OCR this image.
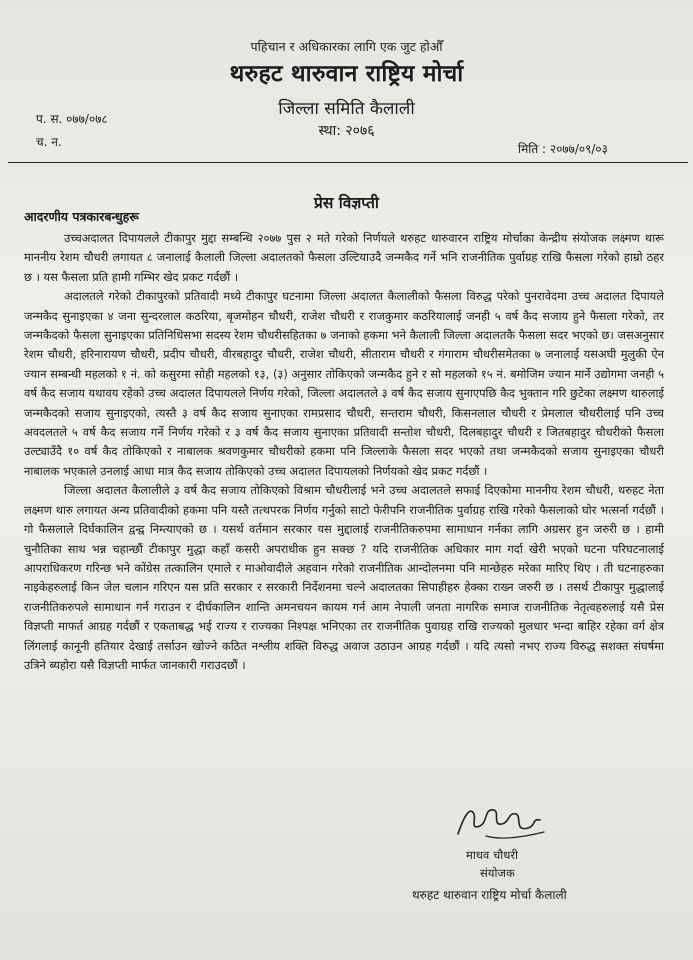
पहिचान र अधिकारका लागि एक जुट होऔँ
थरुहट थारुवान राष्ट्रिय मोर्चा
जिल्ला समिति कैलाली
स्था: २०७६
प. स. ०७७/०७८
च. न.	मिति : २०७७/०९/०३
प्रेस विज्ञप्ती
आदरणीय पत्रकारबन्धुहरू

उच्चअदालत दिपायलले टीकापुर मुद्दा सम्बन्धि २०७७ पुस २ मते गरेको निर्णयले थरुहट थारुवारन राष्ट्रिय मोर्चाका केन्द्रीय संयोजक लक्ष्मण थारू माननीय रेशम चौधरी लगायत ८ जनालाई कैलाली जिल्ला अदालतको फैसला उल्टियाउदै जन्मकैद गर्ने भनि राजनीतिक पुर्वाग्रह राखि फैसला गरेको हाम्रो ठहर छ । यस फैसला प्रति हामी गम्भिर खेद प्रकट गर्दछौं ।

अदालतले गरेको टीकापुरको प्रतिवादी मध्ये टीकापुर घटनामा जिल्ला अदालत कैलालीको फैसला विरुद्ध परेको पुनरावेदमा उच्च अदालत दिपायले जन्मकैद सुनाइएका ४ जना सुन्दरलाल कठरिया, बृजमोहन चौधरी, राजेश चौधरी र राजकुमार कठरियालाई जनही ५ वर्ष कैद सजाय हुने फैसला गरेको, तर जन्मकैदको फैसला सुनाइएका प्रतिनिधिसभा सदस्य रेशम चौधरीसहितका ७ जनाको हकमा भने कैलाली जिल्ला अदालतकै फैसला सदर भएको छ। जसअनुसार रेशम चौधरी, हरिनारायण चौधरी, प्रदीप चौधरी, वीरबहादुर चौधरी, राजेश चौधरी, सीताराम चौधरी र गंगाराम चौधरीसमेतका ७ जनालाई यसअघी मुलुकी ऐन ज्यान सम्बन्धी महलको १ नं. को कसुरमा सोही महलको १३, (३) अनुसार तोकिएको जन्मकैद हुने र सो महलको १५ नं. बमोजिम ज्यान मार्ने उद्योगमा जनही ५ वर्ष कैद सजाय यथावय रहेको उच्च अदालत दिपायलले निर्णय गरेको, जिल्ला अदालतले ३ वर्ष कैद सजाय सुनाएपछि कैद भुक्तान गरि छुटेका लक्ष्मण थारुलाई जन्मकैदको सजाय सुनाइएको, त्यस्तै ३ वर्ष कैद सजाय सुनाएका रामप्रसाद चौधरी, सन्तराम चौधरी, किसनलाल चौधरी र प्रेमलाल चौधरीलाई पनि उच्च अवदलतले ५ वर्ष कैद सजाय गर्ने निर्णय गरेको र ३ वर्ष कैद सजाय सुनाएका प्रतिवादी सन्तोश चौधरी, दिलबहादुर चौधरी र जितबहादुर चौधरीको फैसला उल्ट्याउँदै १० वर्ष कैद तोकिएको र नाबालक श्रवणकुमार चौधरीको हकमा पनि जिल्लाके फैसला सदर भएको तथा जन्मकैदको सजाय सुनाइएका चौधरी नाबालक भएकाले उनलाई आधा मात्र कैद सजाय तोकिएको उच्च अदालत दिपायलको निर्णयको खेद प्रकट गर्दछौं ।

जिल्ला अदालत कैलालीले ३ वर्ष कैद सजाय तोकिएको विश्राम चौधरीलाई भने उच्च अदालतले सफाई दिएकोमा माननीय रेशम चौधरी, थरुहट नेता लक्ष्मण थारु लगायत अन्य प्रतिवादीको हकमा पनि यस्तै तत्थपरक निर्णय गर्नुको साटो फेरीपनि राजनीतिक पुर्वाग्रह राखि गरेको फैसलाको घोर भत्सर्ना गर्दछौं । गो फैसलाले दिर्घकालिन द्वन्द्व निम्त्याएको छ । यसर्थ वर्तमान सरकार यस मुद्दालाई राजनीतिकरुपमा सामाधान गर्नका लागि अग्रसर हुन जरुरी छ । हामी चुनौतिका साथ भन्न चहान्छौं टीकापुर मुद्धा कहाँ कसरी अपराधीक हुन सक्छ ? यदि राजनीतिक अधिकार माग गर्दा खेरी भएको घटना परिघटनालाई आपराधिकरण गरिन्छ भने कोंग्रेस तत्कालिन एमाले र माओवादीले अहवान गरेको राजनीतिक आन्दोलनमा पनि मान्छेहरु मरेका मारिए थिए । ती घटनाहरुका नाइकेहरुलाई किन जेल चलान गरिएन यस प्रति सरकार र सरकारी निर्देशनमा चल्ने अदालतका सिपाहीहरु हेक्का राख्न जरुरी छ । तसर्थ टीकापुर मुद्धालाई राजनीतिकरुपले सामाधान गर्न गराउन र दीर्घकालिन शान्ति अमनचयन कायम गर्न आम नेपाली जनता नागरिक समाज राजनीतिक नेतृत्वहरुलाई यसै प्रेस विज्ञप्ती माफर्त आग्रह गर्दछौं र एकताबद्ध भई राज्य र राज्यका निश्पक्ष भनिएका तर राजनीतिक पुवाग्रह राखि राज्यको मुलधार भन्दा बाहिर रहेका वर्ग क्षेत्र लिंगलाई कानूनी हतियार देखाई तर्साउन खोज्ने कठित नश्लीय शक्ति विरुद्ध अवाज उठाउन आग्रह गर्दछौं । यदि त्यसो नभए राज्य विरुद्ध सशक्त संघर्षमा उत्रिने ब्यहोरा यसै विज्ञप्ती मार्फत जानकारी गराउदछौं ।

माधव चौधरी
संयोजक
थरुहट थारुवान राष्ट्रिय मोर्चा कैलाली
